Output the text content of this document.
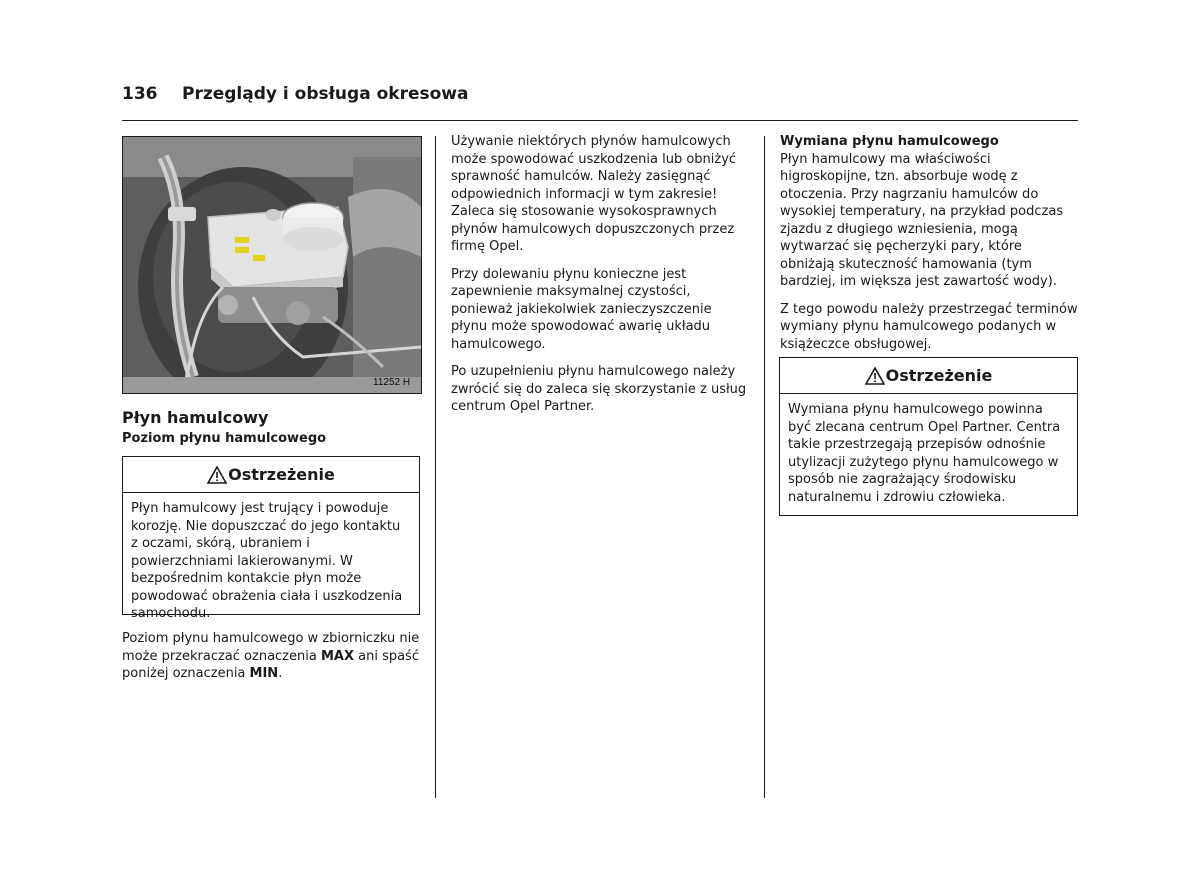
136 Przeglądy i obsługa okresowa
11252 H
Płyn hamulcowy
Poziom płynu hamulcowego
Ostrzeżenie
Płyn hamulcowy jest trujący i powoduje korozję. Nie dopuszczać do jego kontaktu z oczami, skórą, ubraniem i powierzchniami lakierowanymi. W bezpośrednim kontakcie płyn może powodować obrażenia ciała i uszkodzenia samochodu.

Poziom płynu hamulcowego w zbiorniczku nie może przekraczać oznaczenia MAX ani spaść poniżej oznaczenia MIN.

Używanie niektórych płynów hamulcowych może spowodować uszkodzenia lub obniżyć sprawność hamulców. Należy zasięgnąć odpowiednich informacji w tym zakresie! Zaleca się stosowanie wysokosprawnych płynów hamulcowych dopuszczonych przez firmę Opel.

Przy dolewaniu płynu konieczne jest zapewnienie maksymalnej czystości, ponieważ jakiekolwiek zanieczyszczenie płynu może spowodować awarię układu hamulcowego.

Po uzupełnieniu płynu hamulcowego należy zwrócić się do zaleca się skorzystanie z usług centrum Opel Partner.

Wymiana płynu hamulcowego

Płyn hamulcowy ma właściwości higroskopijne, tzn. absorbuje wodę z otoczenia. Przy nagrzaniu hamulców do wysokiej temperatury, na przykład podczas zjazdu z długiego wzniesienia, mogą wytwarzać się pęcherzyki pary, które obniżają skuteczność hamowania (tym bardziej, im większa jest zawartość wody).

Z tego powodu należy przestrzegać terminów wymiany płynu hamulcowego podanych w książeczce obsługowej.

Ostrzeżenie
Wymiana płynu hamulcowego powinna być zlecana centrum Opel Partner. Centra takie przestrzegają przepisów odnośnie utylizacji zużytego płynu hamulcowego w sposób nie zagrażający środowisku naturalnemu i zdrowiu człowieka.
